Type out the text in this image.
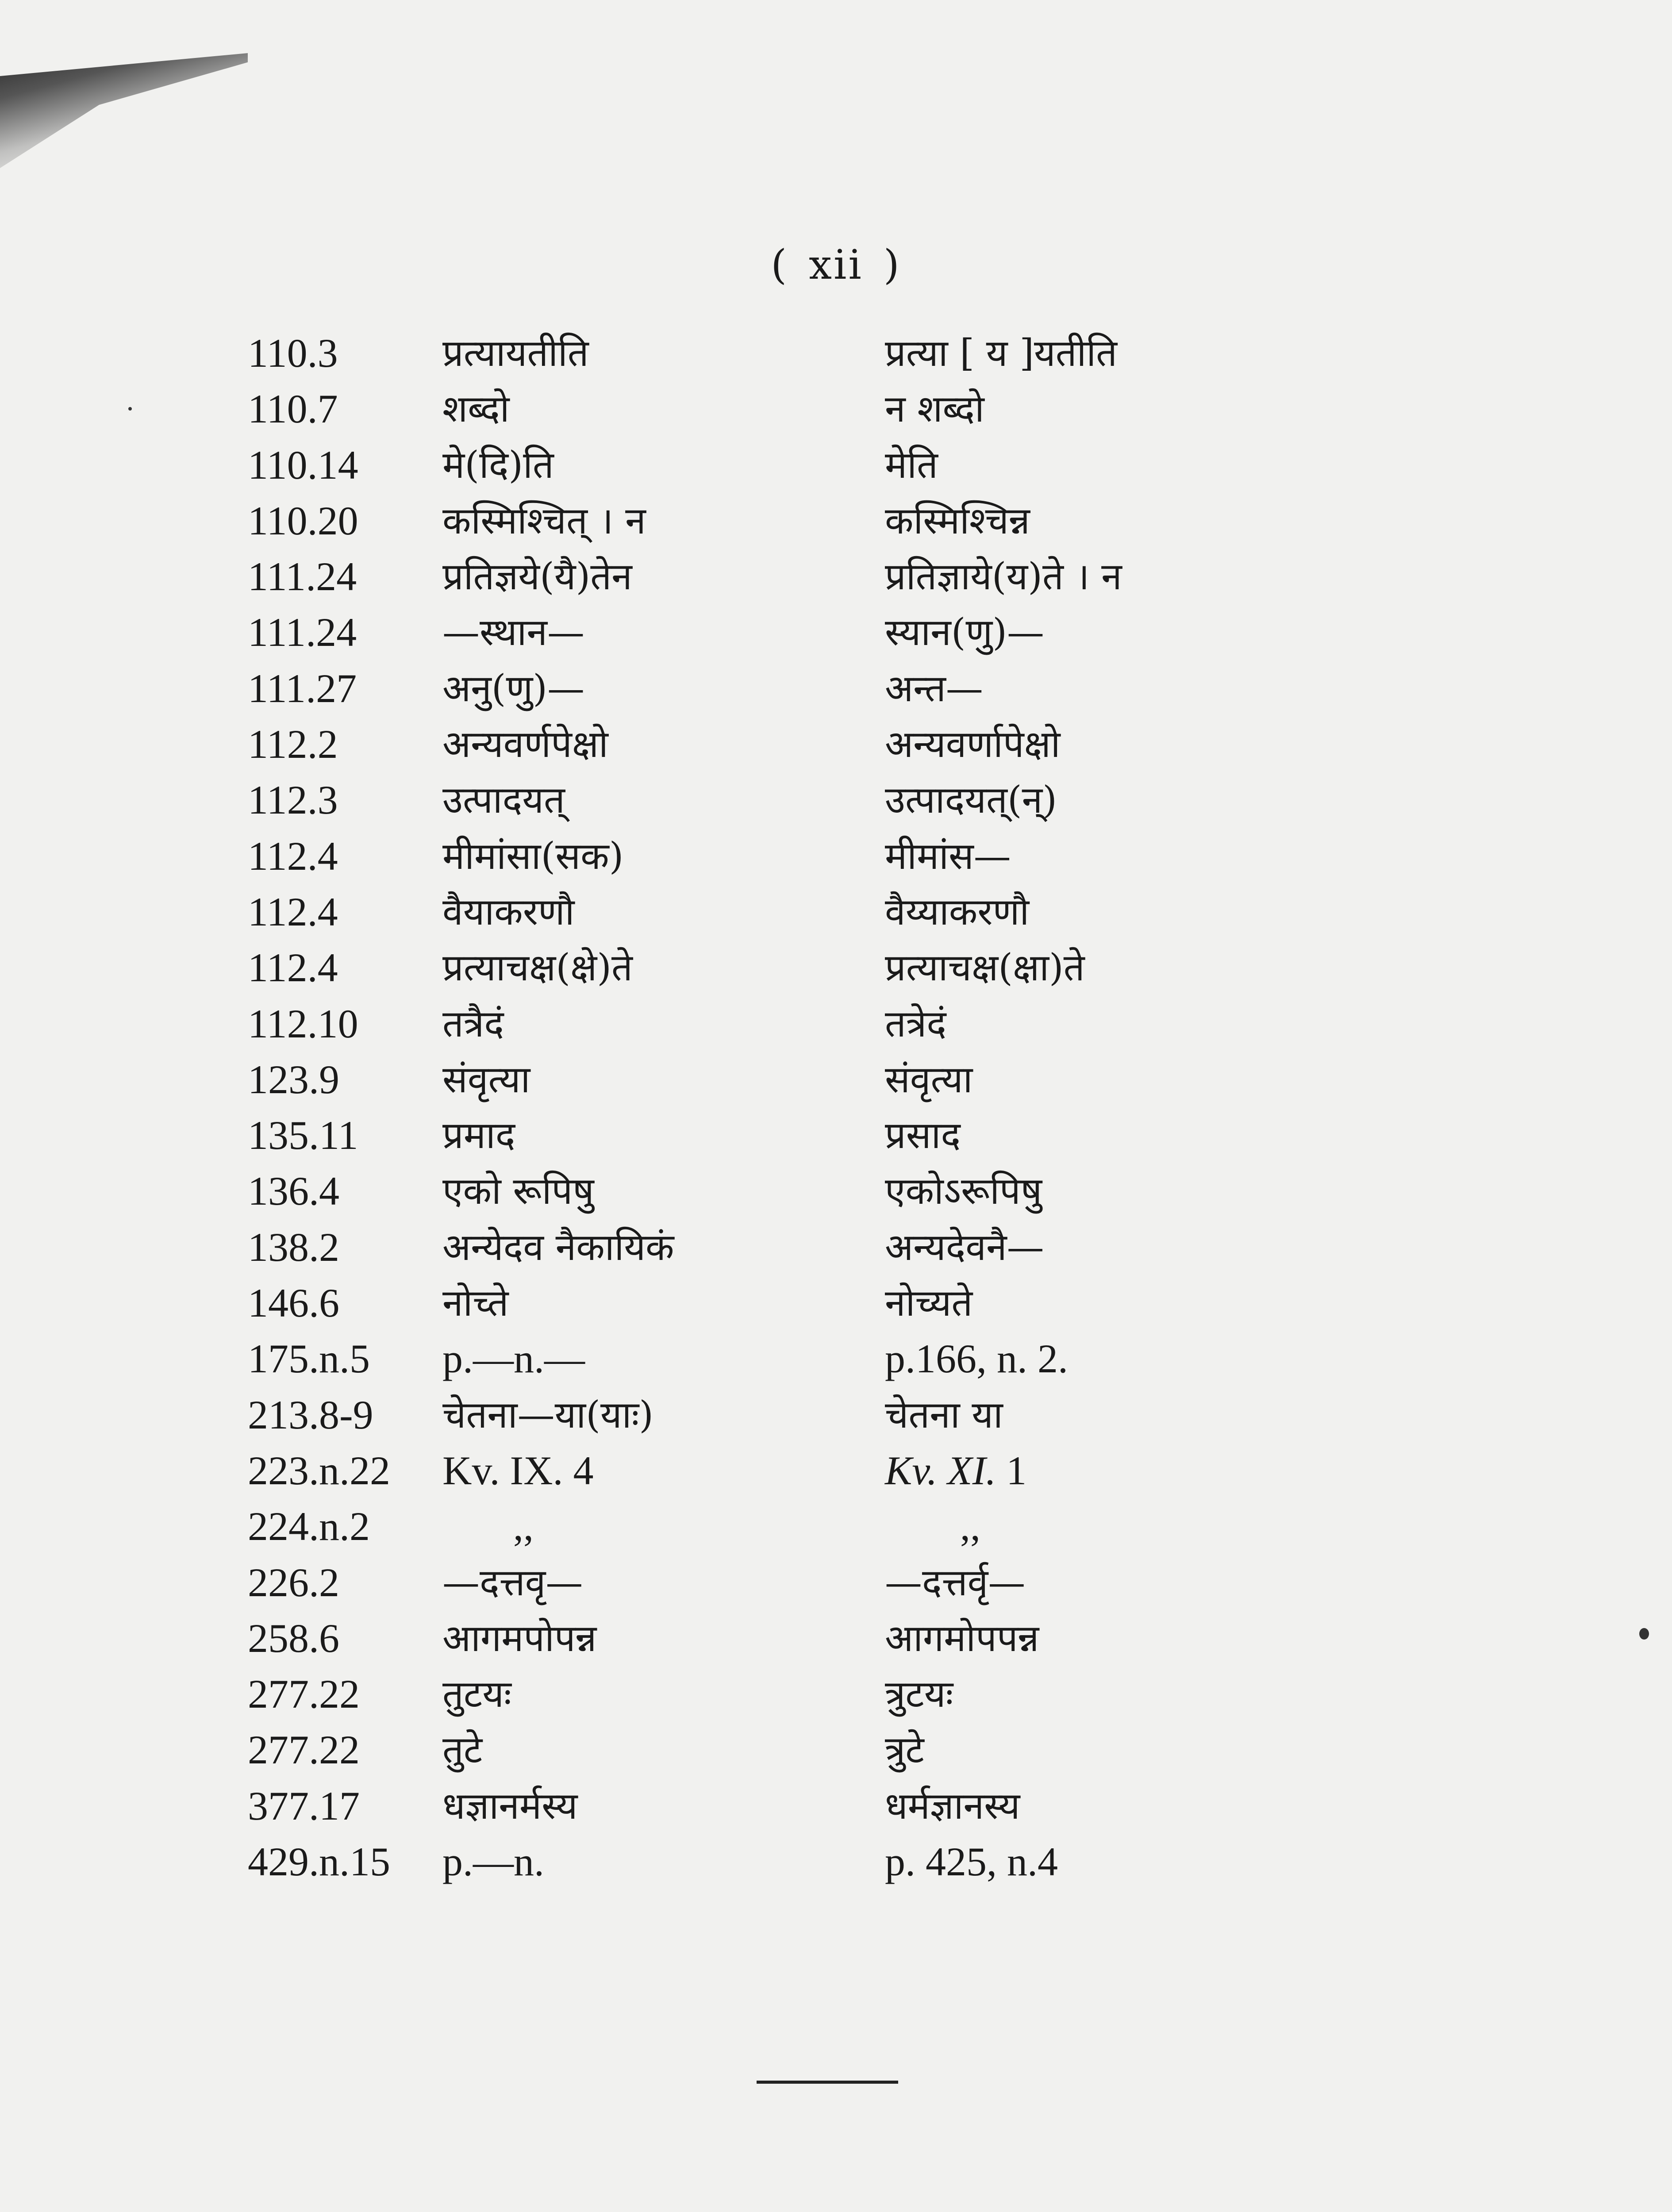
( xii )
110.3	प्रत्यायतीति	प्रत्या [ य ]यतीति
110.7	शब्दो	न शब्दो
110.14	मे(दि)ति	मेति
110.20	कस्मिश्चित् । न	कस्मिश्चिन्न
111.24	प्रतिज्ञये(यै)तेन	प्रतिज्ञाये(य)ते । न
111.24	—स्थान—	स्यान(णु)—
111.27	अनु(णु)—	अन्त—
112.2	अन्यवर्णपेक्षो	अन्यवर्णापेक्षो
112.3	उत्पादयत्	उत्पादयत्(न्)
112.4	मीमांसा(सक)	मीमांस—
112.4	वैयाकरणौ	वैय्याकरणौ
112.4	प्रत्याचक्ष(क्षे)ते	प्रत्याचक्ष(क्षा)ते
112.10	तत्रैदं	तत्रेदं
123.9	संवृत्या	संवृत्या
135.11	प्रमाद	प्रसाद
136.4	एको रूपिषु	एकोऽरूपिषु
138.2	अन्येदव नैकायिकं	अन्यदेवनै—
146.6	नोच्ते	नोच्यते
175.n.5	p.—n.—	p.166, n. 2.
213.8-9	चेतना—या(याः)	चेतना या
223.n.22	Kv. IX. 4	Kv. XI. 1
224.n.2	,,	,,
226.2	—दत्तवृ—	—दत्तर्वृ—
258.6	आगमपोपन्न	आगमोपपन्न
277.22	तुटयः	त्रुटयः
277.22	तुटे	त्रुटे
377.17	धज्ञानर्मस्य	धर्मज्ञानस्य
429.n.15	p.—n.	p. 425, n.4
